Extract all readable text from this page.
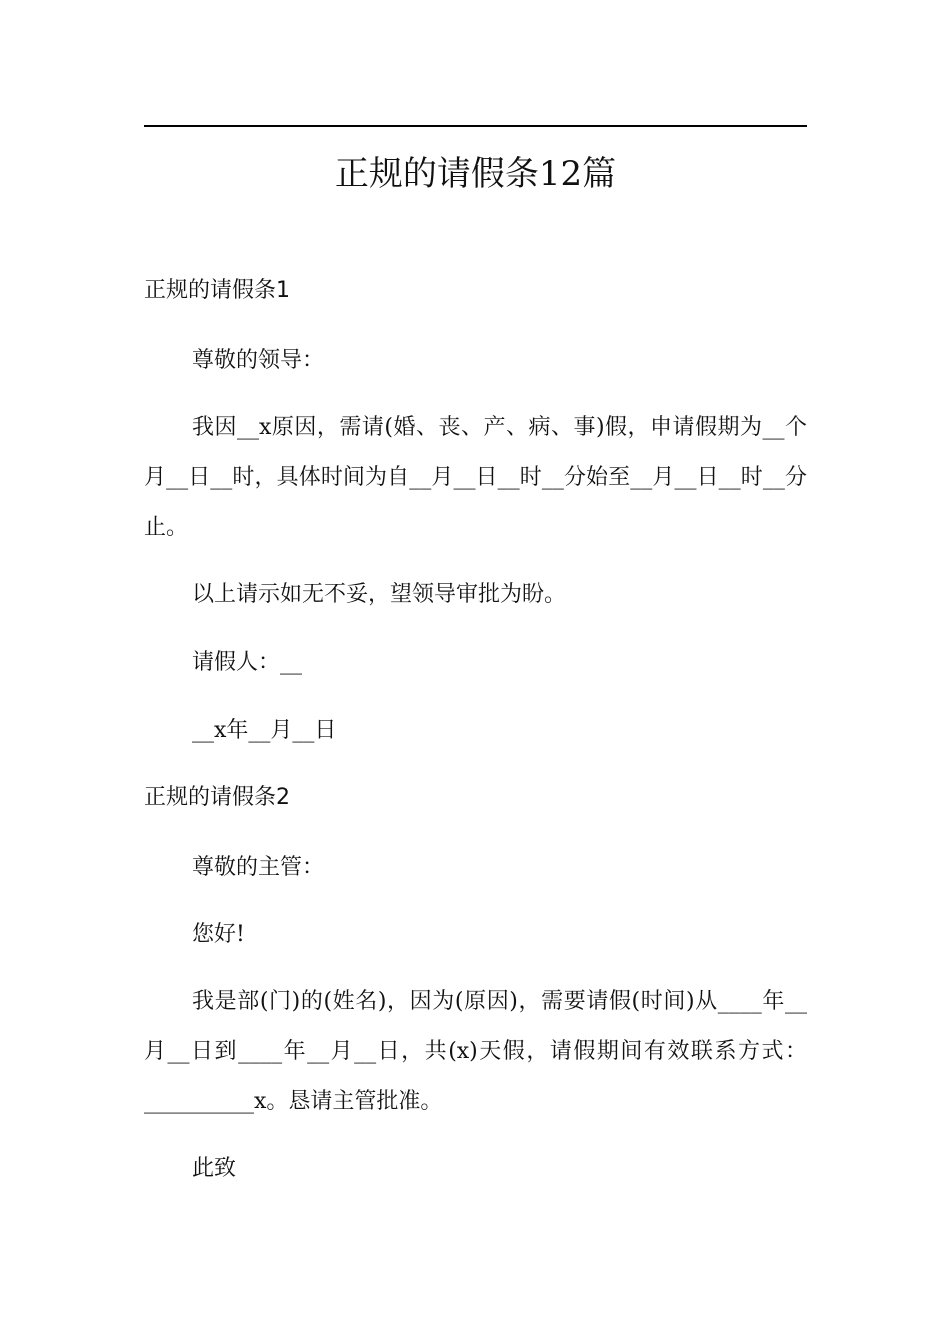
正规的请假条12篇
正规的请假条1
尊敬的领导：
我因__x原因，需请(婚、丧、产、病、事)假，申请假期为__个月__日__时，具体时间为自__月__日__时__分始至__月__日__时__分止。
以上请示如无不妥，望领导审批为盼。
请假人：__
__x年__月__日
正规的请假条2
尊敬的主管：
您好!
我是部(门)的(姓名)，因为(原因)，需要请假(时间)从____年__月__日到____年__月__日，共(x)天假，请假期间有效联系方式：__________x。恳请主管批准。
此致
